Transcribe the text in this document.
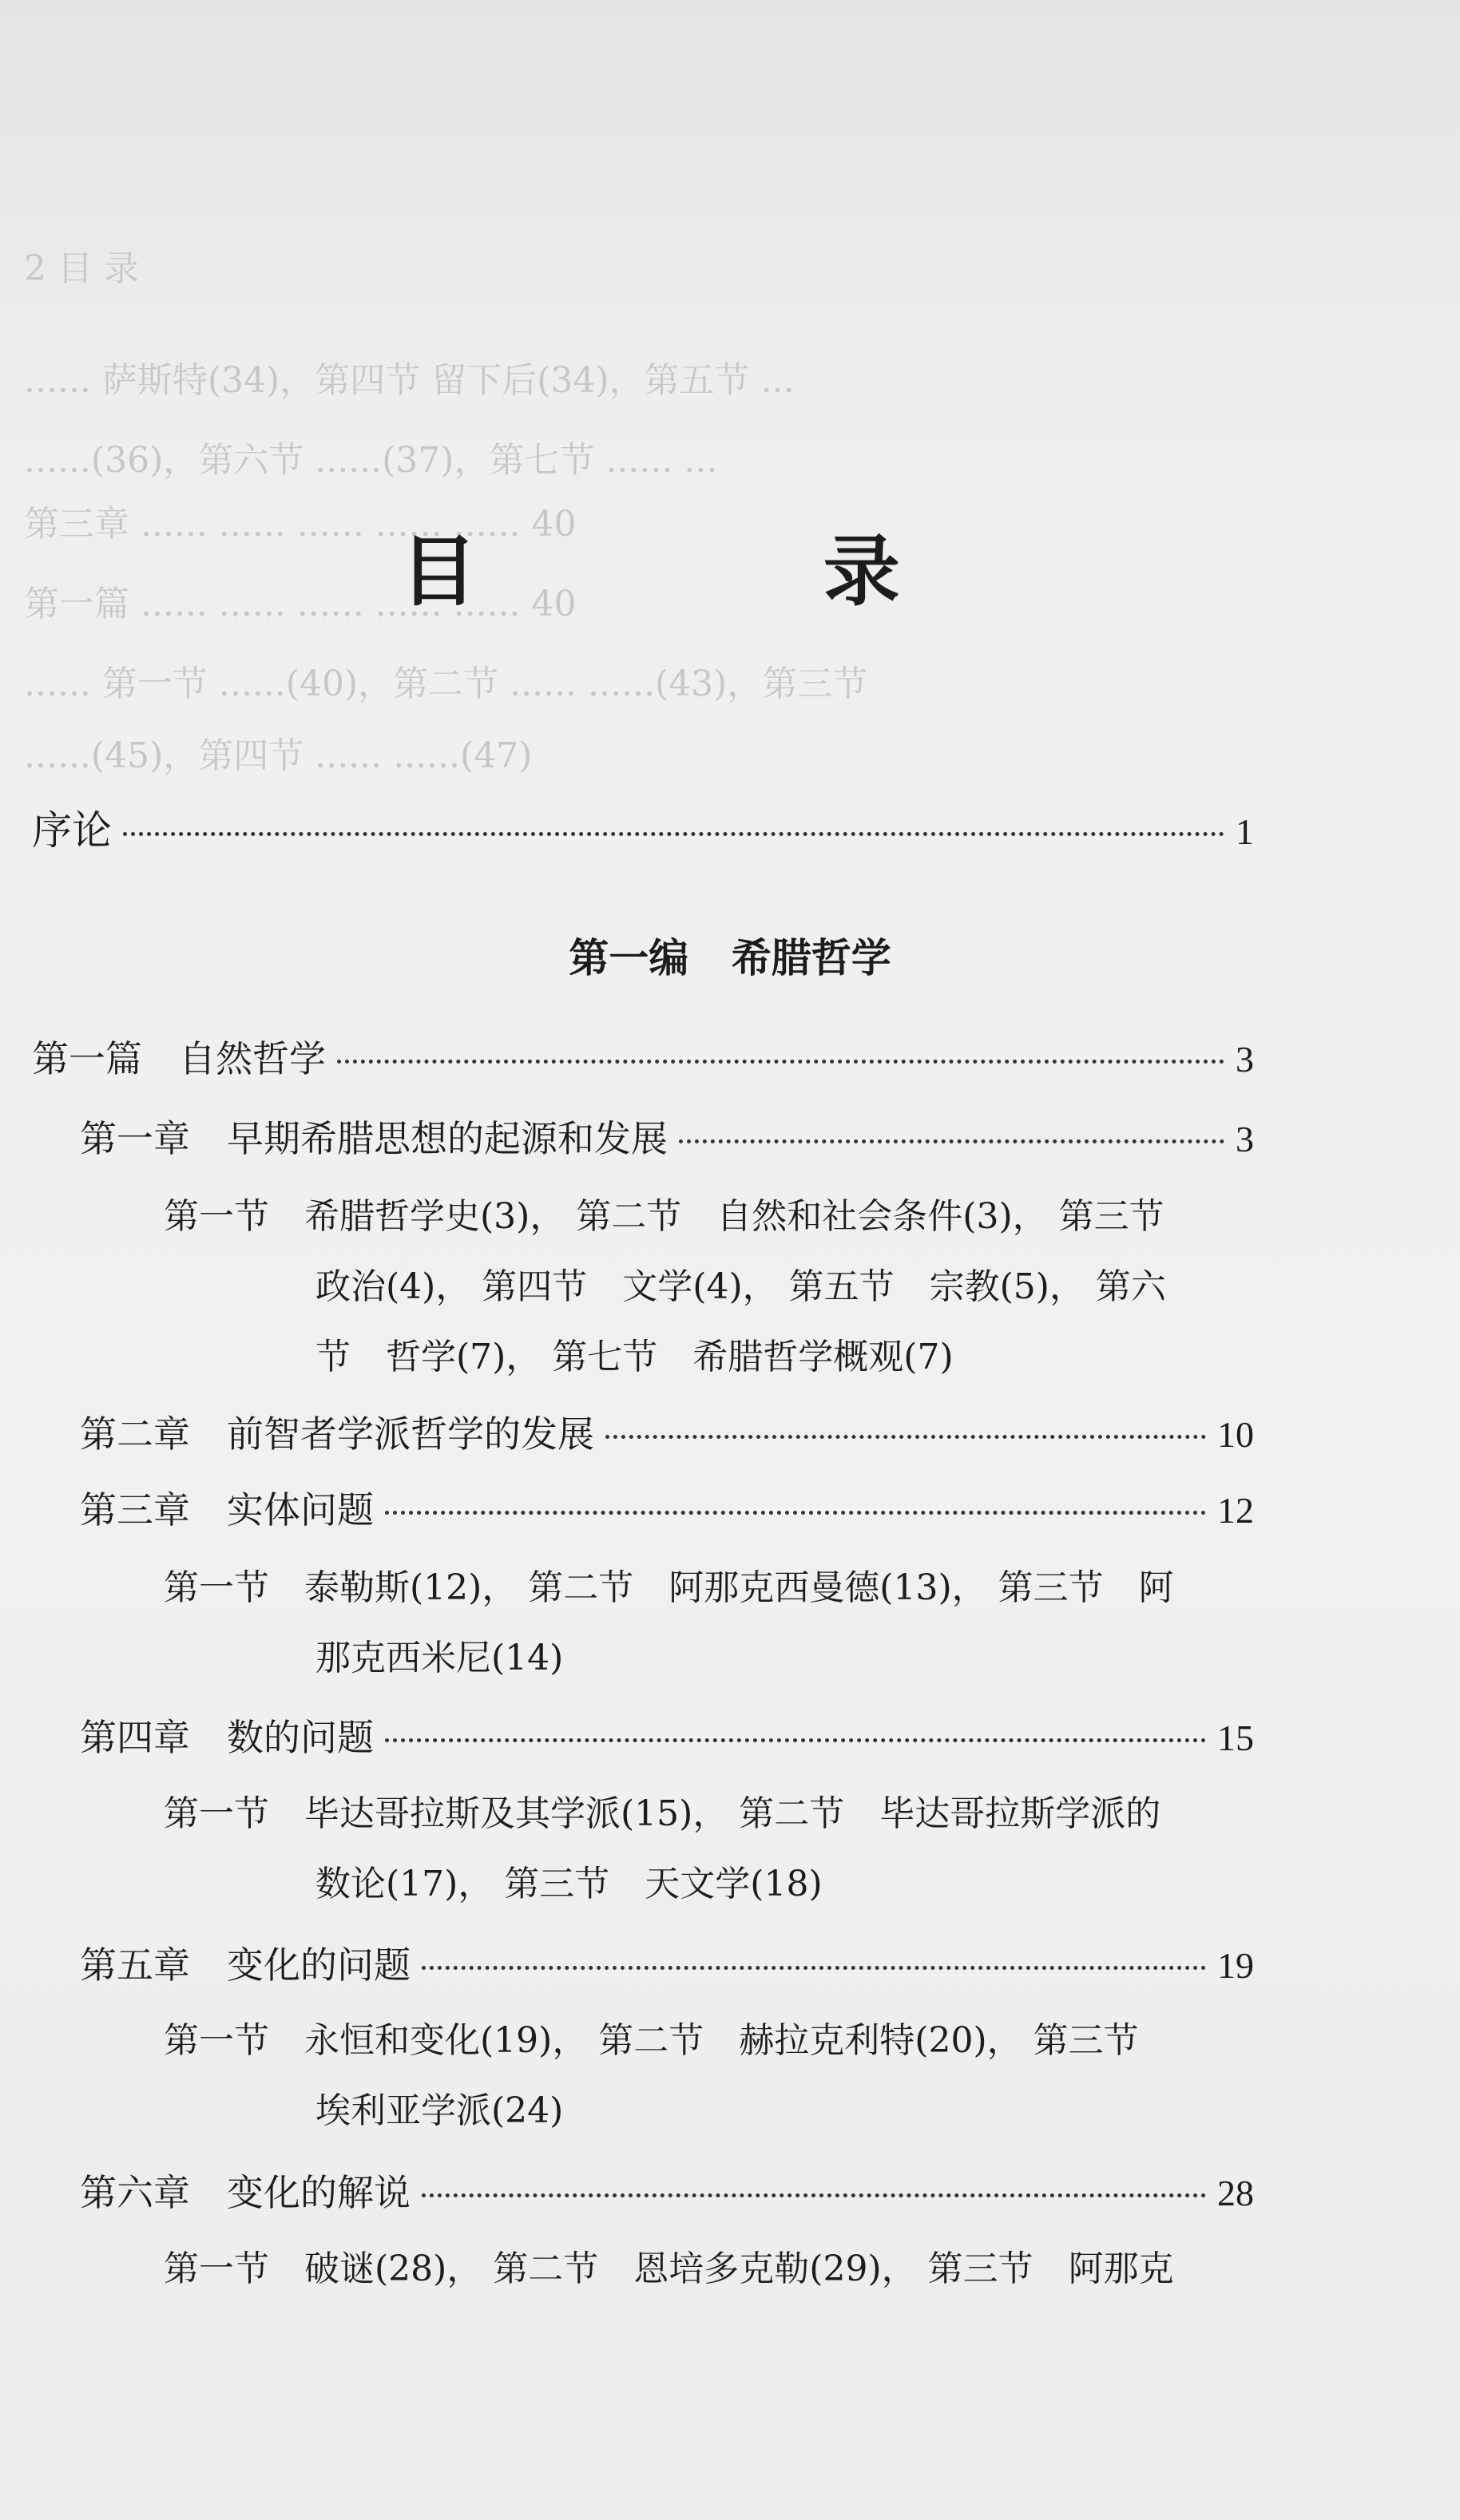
2 目 录
...... 萨斯特(34)，第四节 留下后(34)，第五节 ...
......(36)，第六节 ......(37)，第七节 ...... ...
第三章 ...... ...... ...... ...... ...... 40
第一篇 ...... ...... ...... ...... ...... 40
...... 第一节 ......(40)，第二节 ...... ......(43)，第三节
......(45)，第四节 ...... ......(47)
目 录
序论	1
第一编 希腊哲学
第一篇　自然哲学	3
第一章　早期希腊思想的起源和发展	3
第一节　希腊哲学史(3)， 第二节　自然和社会条件(3)， 第三节
政治(4)， 第四节　文学(4)， 第五节　宗教(5)， 第六
节　哲学(7)， 第七节　希腊哲学概观(7)
第二章　前智者学派哲学的发展	10
第三章　实体问题	12
第一节　泰勒斯(12)， 第二节　阿那克西曼德(13)， 第三节　阿
那克西米尼(14)
第四章　数的问题	15
第一节　毕达哥拉斯及其学派(15)， 第二节　毕达哥拉斯学派的
数论(17)， 第三节　天文学(18)
第五章　变化的问题	19
第一节　永恒和变化(19)， 第二节　赫拉克利特(20)， 第三节
埃利亚学派(24)
第六章　变化的解说	28
第一节　破谜(28)， 第二节　恩培多克勒(29)， 第三节　阿那克
